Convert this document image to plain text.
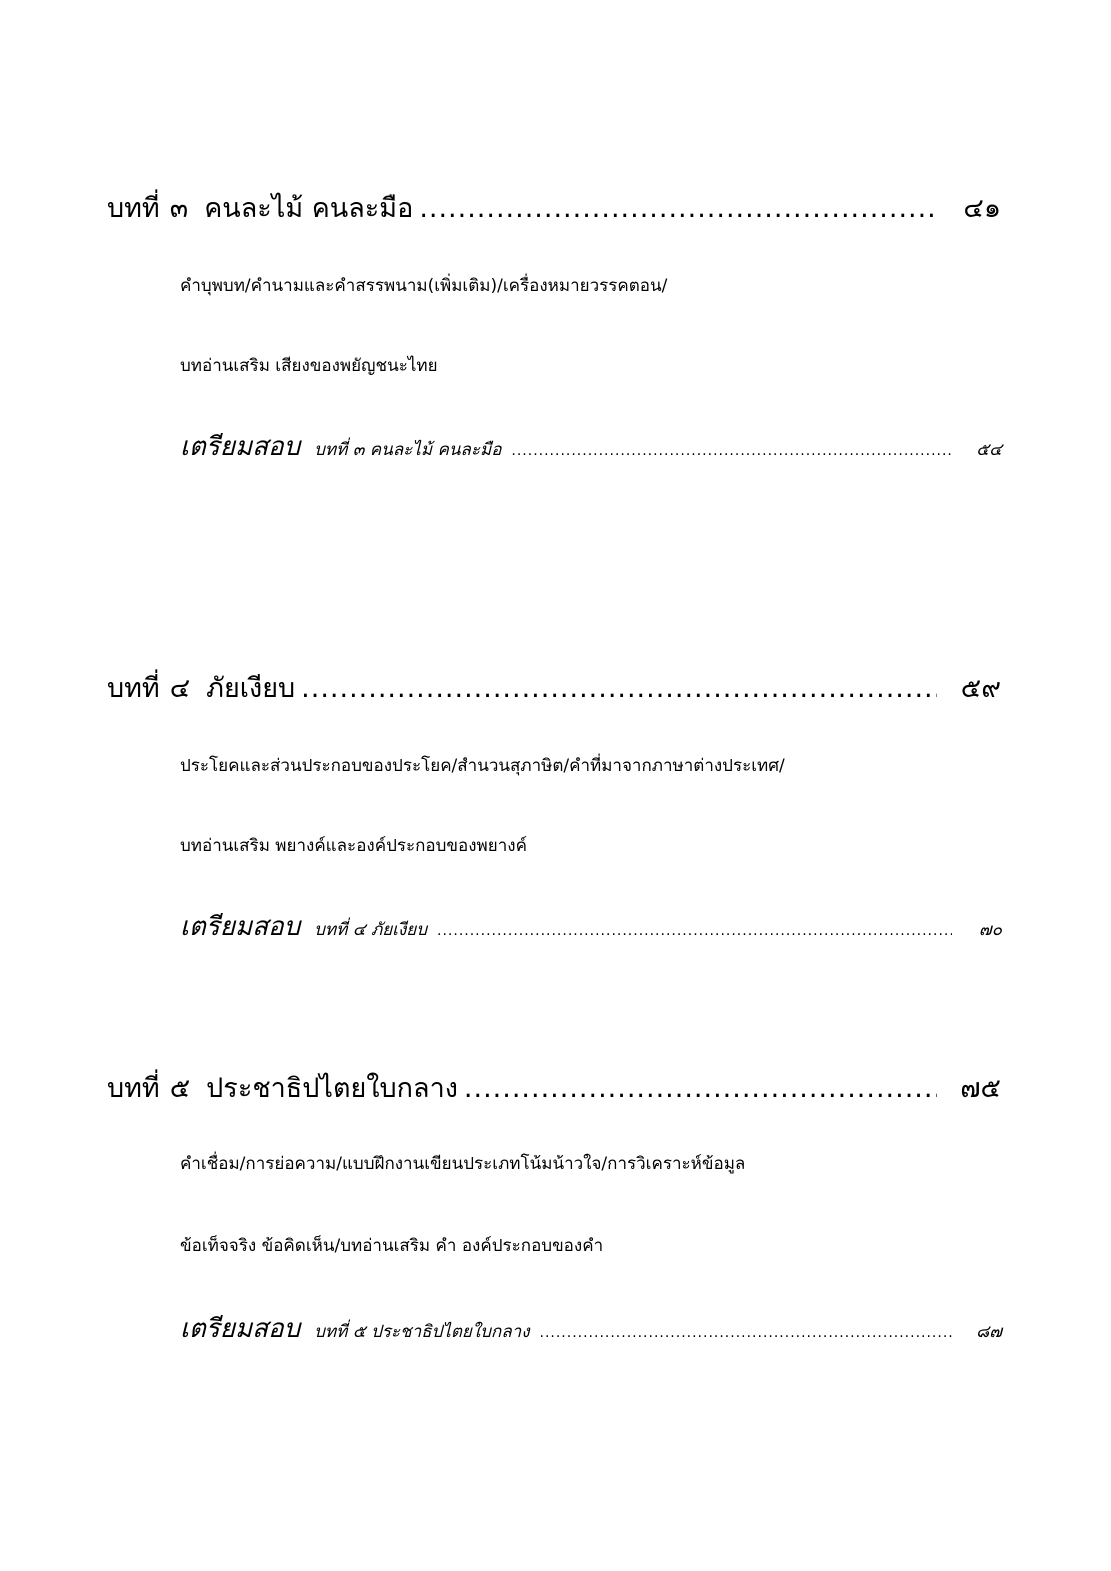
บทที่ ๓ คนละไม้ คนละมือ .....	๔๑
คำบุพบท/คำนามและคำสรรพนาม(เพิ่มเติม)/เครื่องหมายวรรคตอน/
บทอ่านเสริม เสียงของพยัญชนะไทย
เตรียมสอบ บทที่ ๓ คนละไม้ คนละมือ .....	๕๔
บทที่ ๔ ภัยเงียบ .....	๕๙
ประโยคและส่วนประกอบของประโยค/สำนวนสุภาษิต/คำที่มาจากภาษาต่างประเทศ/
บทอ่านเสริม พยางค์และองค์ประกอบของพยางค์
เตรียมสอบ บทที่ ๔ ภัยเงียบ .....	๗๐
บทที่ ๕ ประชาธิปไตยใบกลาง .....	๗๕
คำเชื่อม/การย่อความ/แบบฝึกงานเขียนประเภทโน้มน้าวใจ/การวิเคราะห์ข้อมูล
ข้อเท็จจริง ข้อคิดเห็น/บทอ่านเสริม คำ องค์ประกอบของคำ
เตรียมสอบ บทที่ ๕ ประชาธิปไตยใบกลาง .....	๘๗
